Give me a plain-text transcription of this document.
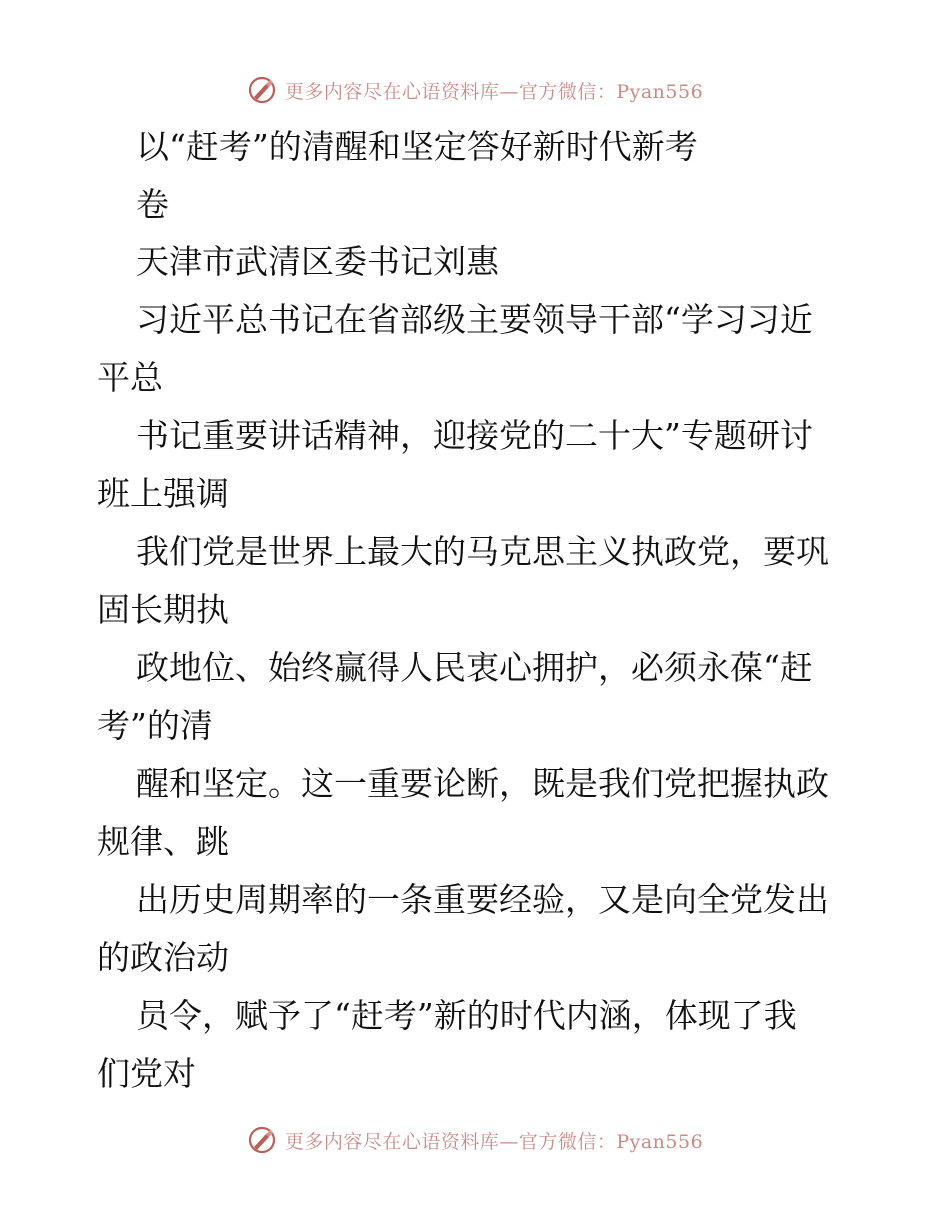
更多内容尽在心语资料库—官方微信：Pyan556
以“赶考”的清醒和坚定答好新时代新考
卷
天津市武清区委书记刘惠
习近平总书记在省部级主要领导干部“学习习近
平总
书记重要讲话精神，迎接党的二十大”专题研讨
班上强调
我们党是世界上最大的马克思主义执政党，要巩
固长期执
政地位、始终赢得人民衷心拥护，必须永葆“赶
考”的清
醒和坚定。这一重要论断，既是我们党把握执政
规律、跳
出历史周期率的一条重要经验，又是向全党发出
的政治动
员令，赋予了“赶考”新的时代内涵，体现了我
们党对
更多内容尽在心语资料库—官方微信：Pyan556
